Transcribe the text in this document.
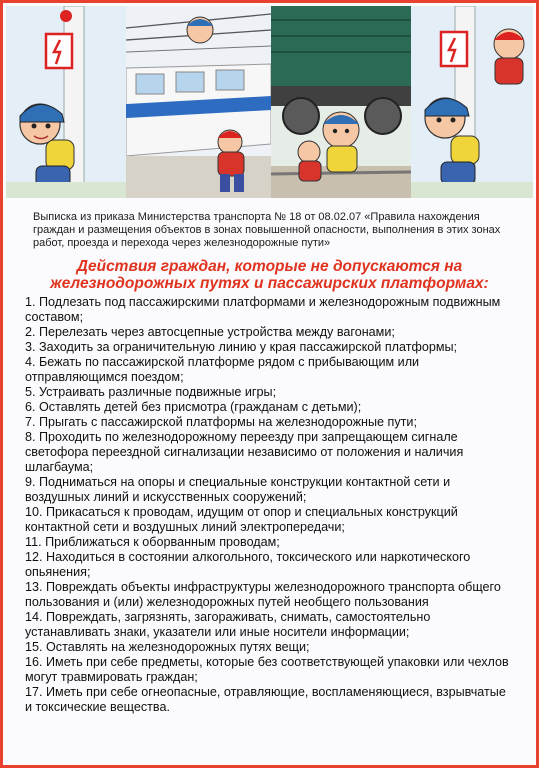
Выписка из приказа Министерства транспорта № 18 от 08.02.07 «Правила нахождения граждан и размещения объектов в зонах повышенной опасности, выполнения в этих зонах работ, проезда и перехода через железнодорожные пути»
Действия граждан, которые не допускаются на
железнодорожных путях и пассажирских платформах:
1. Подлезать под пассажирскими платформами и железнодорожным подвижным составом;
2. Перелезать через автосцепные устройства между вагонами;
3. Заходить за ограничительную линию у края пассажирской платформы;
4. Бежать по пассажирской платформе рядом с прибывающим или отправляющимся поездом;
5. Устраивать различные подвижные игры;
6. Оставлять детей без присмотра (гражданам с детьми);
7. Прыгать с пассажирской платформы на железнодорожные пути;
8. Проходить по железнодорожному переезду при запрещающем сигнале светофора переездной сигнализации независимо от положения и наличия шлагбаума;
9. Подниматься на опоры и специальные конструкции контактной сети и воздушных линий и искусственных сооружений;
10. Прикасаться к проводам, идущим от опор и специальных конструкций контактной сети и воздушных линий электропередачи;
11. Приближаться к оборванным проводам;
12. Находиться в состоянии алкогольного, токсического или наркотического опьянения;
13. Повреждать объекты инфраструктуры железнодорожного транспорта общего пользования и (или) железнодорожных путей необщего пользования
14. Повреждать, загрязнять, загораживать, снимать, самостоятельно устанавливать знаки, указатели или иные носители информации;
15. Оставлять на железнодорожных путях вещи;
16. Иметь при себе предметы, которые без соответствующей упаковки или чехлов могут травмировать граждан;
17. Иметь при себе огнеопасные, отравляющие, воспламеняющиеся, взрывчатые и токсические вещества.
